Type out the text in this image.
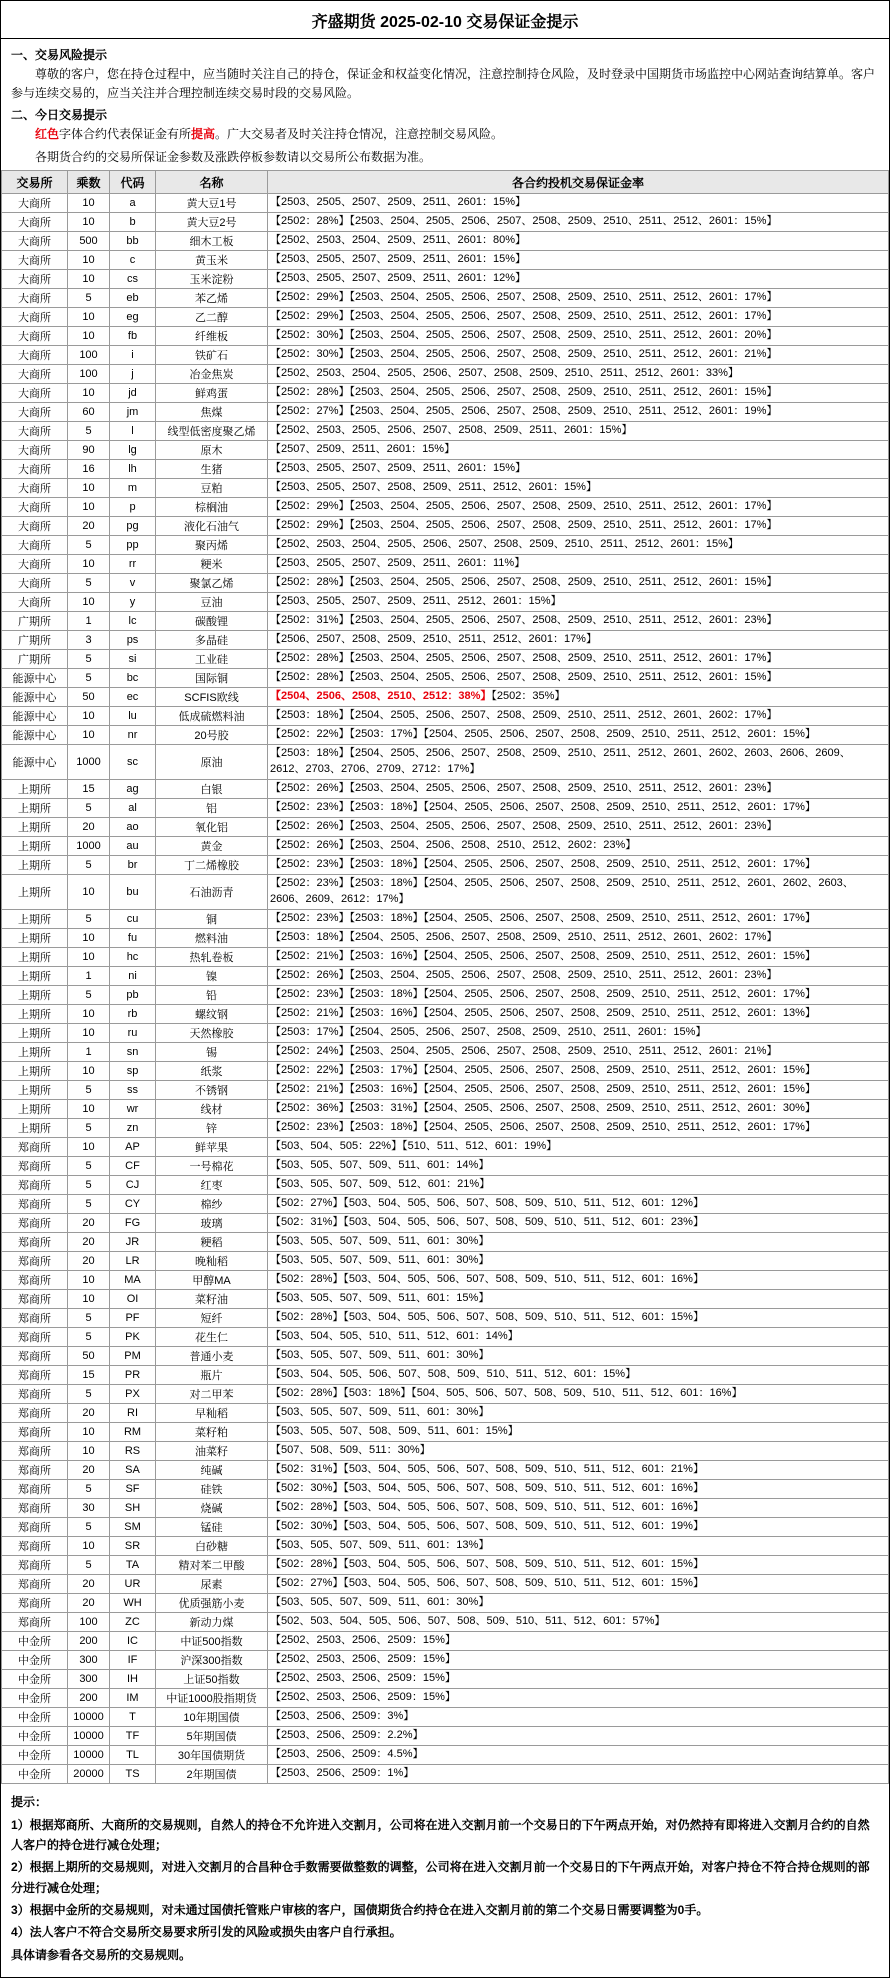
齐盛期货 2025-02-10 交易保证金提示
一、交易风险提示

尊敬的客户，您在持仓过程中，应当随时关注自己的持仓，保证金和权益变化情况，注意控制持仓风险，及时登录中国期货市场监控中心网站查询结算单。客户参与连续交易的，应当关注并合理控制连续交易时段的交易风险。

二、今日交易提示

红色字体合约代表保证金有所提高。广大交易者及时关注持仓情况，注意控制交易风险。

各期货合约的交易所保证金参数及涨跌停板参数请以交易所公布数据为准。

交易所	乘数	代码	名称	各合约投机交易保证金率
大商所	10	a	黄大豆1号	【2503、2505、2507、2509、2511、2601：15%】
大商所	10	b	黄大豆2号	【2502：28%】【2503、2504、2505、2506、2507、2508、2509、2510、2511、2512、2601：15%】
大商所	500	bb	细木工板	【2502、2503、2504、2509、2511、2601：80%】
大商所	10	c	黄玉米	【2503、2505、2507、2509、2511、2601：15%】
大商所	10	cs	玉米淀粉	【2503、2505、2507、2509、2511、2601：12%】
大商所	5	eb	苯乙烯	【2502：29%】【2503、2504、2505、2506、2507、2508、2509、2510、2511、2512、2601：17%】
大商所	10	eg	乙二醇	【2502：29%】【2503、2504、2505、2506、2507、2508、2509、2510、2511、2512、2601：17%】
大商所	10	fb	纤维板	【2502：30%】【2503、2504、2505、2506、2507、2508、2509、2510、2511、2512、2601：20%】
大商所	100	i	铁矿石	【2502：30%】【2503、2504、2505、2506、2507、2508、2509、2510、2511、2512、2601：21%】
大商所	100	j	冶金焦炭	【2502、2503、2504、2505、2506、2507、2508、2509、2510、2511、2512、2601：33%】
大商所	10	jd	鲜鸡蛋	【2502：28%】【2503、2504、2505、2506、2507、2508、2509、2510、2511、2512、2601：15%】
大商所	60	jm	焦煤	【2502：27%】【2503、2504、2505、2506、2507、2508、2509、2510、2511、2512、2601：19%】
大商所	5	l	线型低密度聚乙烯	【2502、2503、2505、2506、2507、2508、2509、2511、2601：15%】
大商所	90	lg	原木	【2507、2509、2511、2601：15%】
大商所	16	lh	生猪	【2503、2505、2507、2509、2511、2601：15%】
大商所	10	m	豆粕	【2503、2505、2507、2508、2509、2511、2512、2601：15%】
大商所	10	p	棕榈油	【2502：29%】【2503、2504、2505、2506、2507、2508、2509、2510、2511、2512、2601：17%】
大商所	20	pg	液化石油气	【2502：29%】【2503、2504、2505、2506、2507、2508、2509、2510、2511、2512、2601：17%】
大商所	5	pp	聚丙烯	【2502、2503、2504、2505、2506、2507、2508、2509、2510、2511、2512、2601：15%】
大商所	10	rr	粳米	【2503、2505、2507、2509、2511、2601：11%】
大商所	5	v	聚氯乙烯	【2502：28%】【2503、2504、2505、2506、2507、2508、2509、2510、2511、2512、2601：15%】
大商所	10	y	豆油	【2503、2505、2507、2509、2511、2512、2601：15%】
广期所	1	lc	碳酸锂	【2502：31%】【2503、2504、2505、2506、2507、2508、2509、2510、2511、2512、2601：23%】
广期所	3	ps	多晶硅	【2506、2507、2508、2509、2510、2511、2512、2601：17%】
广期所	5	si	工业硅	【2502：28%】【2503、2504、2505、2506、2507、2508、2509、2510、2511、2512、2601：17%】
能源中心	5	bc	国际铜	【2502：28%】【2503、2504、2505、2506、2507、2508、2509、2510、2511、2512、2601：15%】
能源中心	50	ec	SCFIS欧线	【2504、2506、2508、2510、2512：38%】【2502：35%】
能源中心	10	lu	低成硫燃料油	【2503：18%】【2504、2505、2506、2507、2508、2509、2510、2511、2512、2601、2602：17%】
能源中心	10	nr	20号胶	【2502：22%】【2503：17%】【2504、2505、2506、2507、2508、2509、2510、2511、2512、2601：15%】
能源中心	1000	sc	原油	【2503：18%】【2504、2505、2506、2507、2508、2509、2510、2511、2512、2601、2602、2603、2606、2609、2612、2703、2706、2709、2712：17%】
上期所	15	ag	白银	【2502：26%】【2503、2504、2505、2506、2507、2508、2509、2510、2511、2512、2601：23%】
上期所	5	al	铝	【2502：23%】【2503：18%】【2504、2505、2506、2507、2508、2509、2510、2511、2512、2601：17%】
上期所	20	ao	氧化铝	【2502：26%】【2503、2504、2505、2506、2507、2508、2509、2510、2511、2512、2601：23%】
上期所	1000	au	黄金	【2502：26%】【2503、2504、2506、2508、2510、2512、2602：23%】
上期所	5	br	丁二烯橡胶	【2502：23%】【2503：18%】【2504、2505、2506、2507、2508、2509、2510、2511、2512、2601：17%】
上期所	10	bu	石油沥青	【2502：23%】【2503：18%】【2504、2505、2506、2507、2508、2509、2510、2511、2512、2601、2602、2603、2606、2609、2612：17%】
上期所	5	cu	铜	【2502：23%】【2503：18%】【2504、2505、2506、2507、2508、2509、2510、2511、2512、2601：17%】
上期所	10	fu	燃料油	【2503：18%】【2504、2505、2506、2507、2508、2509、2510、2511、2512、2601、2602：17%】
上期所	10	hc	热轧卷板	【2502：21%】【2503：16%】【2504、2505、2506、2507、2508、2509、2510、2511、2512、2601：15%】
上期所	1	ni	镍	【2502：26%】【2503、2504、2505、2506、2507、2508、2509、2510、2511、2512、2601：23%】
上期所	5	pb	铅	【2502：23%】【2503：18%】【2504、2505、2506、2507、2508、2509、2510、2511、2512、2601：17%】
上期所	10	rb	螺纹钢	【2502：21%】【2503：16%】【2504、2505、2506、2507、2508、2509、2510、2511、2512、2601：13%】
上期所	10	ru	天然橡胶	【2503：17%】【2504、2505、2506、2507、2508、2509、2510、2511、2601：15%】
上期所	1	sn	锡	【2502：24%】【2503、2504、2505、2506、2507、2508、2509、2510、2511、2512、2601：21%】
上期所	10	sp	纸浆	【2502：22%】【2503：17%】【2504、2505、2506、2507、2508、2509、2510、2511、2512、2601：15%】
上期所	5	ss	不锈钢	【2502：21%】【2503：16%】【2504、2505、2506、2507、2508、2509、2510、2511、2512、2601：15%】
上期所	10	wr	线材	【2502：36%】【2503：31%】【2504、2505、2506、2507、2508、2509、2510、2511、2512、2601：30%】
上期所	5	zn	锌	【2502：23%】【2503：18%】【2504、2505、2506、2507、2508、2509、2510、2511、2512、2601：17%】
郑商所	10	AP	鲜苹果	【503、504、505：22%】【510、511、512、601：19%】
郑商所	5	CF	一号棉花	【503、505、507、509、511、601：14%】
郑商所	5	CJ	红枣	【503、505、507、509、512、601：21%】
郑商所	5	CY	棉纱	【502：27%】【503、504、505、506、507、508、509、510、511、512、601：12%】
郑商所	20	FG	玻璃	【502：31%】【503、504、505、506、507、508、509、510、511、512、601：23%】
郑商所	20	JR	粳稻	【503、505、507、509、511、601：30%】
郑商所	20	LR	晚籼稻	【503、505、507、509、511、601：30%】
郑商所	10	MA	甲醇MA	【502：28%】【503、504、505、506、507、508、509、510、511、512、601：16%】
郑商所	10	OI	菜籽油	【503、505、507、509、511、601：15%】
郑商所	5	PF	短纤	【502：28%】【503、504、505、506、507、508、509、510、511、512、601：15%】
郑商所	5	PK	花生仁	【503、504、505、510、511、512、601：14%】
郑商所	50	PM	普通小麦	【503、505、507、509、511、601：30%】
郑商所	15	PR	瓶片	【503、504、505、506、507、508、509、510、511、512、601：15%】
郑商所	5	PX	对二甲苯	【502：28%】【503：18%】【504、505、506、507、508、509、510、511、512、601：16%】
郑商所	20	RI	早籼稻	【503、505、507、509、511、601：30%】
郑商所	10	RM	菜籽粕	【503、505、507、508、509、511、601：15%】
郑商所	10	RS	油菜籽	【507、508、509、511：30%】
郑商所	20	SA	纯碱	【502：31%】【503、504、505、506、507、508、509、510、511、512、601：21%】
郑商所	5	SF	硅铁	【502：30%】【503、504、505、506、507、508、509、510、511、512、601：16%】
郑商所	30	SH	烧碱	【502：28%】【503、504、505、506、507、508、509、510、511、512、601：16%】
郑商所	5	SM	锰硅	【502：30%】【503、504、505、506、507、508、509、510、511、512、601：19%】
郑商所	10	SR	白砂糖	【503、505、507、509、511、601：13%】
郑商所	5	TA	精对苯二甲酸	【502：28%】【503、504、505、506、507、508、509、510、511、512、601：15%】
郑商所	20	UR	尿素	【502：27%】【503、504、505、506、507、508、509、510、511、512、601：15%】
郑商所	20	WH	优质强筋小麦	【503、505、507、509、511、601：30%】
郑商所	100	ZC	新动力煤	【502、503、504、505、506、507、508、509、510、511、512、601：57%】
中金所	200	IC	中证500指数	【2502、2503、2506、2509：15%】
中金所	300	IF	沪深300指数	【2502、2503、2506、2509：15%】
中金所	300	IH	上证50指数	【2502、2503、2506、2509：15%】
中金所	200	IM	中证1000股指期货	【2502、2503、2506、2509：15%】
中金所	10000	T	10年期国债	【2503、2506、2509：3%】
中金所	10000	TF	5年期国债	【2503、2506、2509：2.2%】
中金所	10000	TL	30年国债期货	【2503、2506、2509：4.5%】
中金所	20000	TS	2年期国债	【2503、2506、2509：1%】

提示：

1）根据郑商所、大商所的交易规则，自然人的持仓不允许进入交割月，公司将在进入交割月前一个交易日的下午两点开始，对仍然持有即将进入交割月合约的自然人客户的持仓进行减仓处理；

2）根据上期所的交易规则，对进入交割月的合昌种仓手数需要做整数的调整，公司将在进入交割月前一个交易日的下午两点开始，对客户持仓不符合持仓规则的部分进行减仓处理；

3）根据中金所的交易规则，对未通过国债托管账户审核的客户，国债期货合约持仓在进入交割月前的第二个交易日需要调整为0手。

4）法人客户不符合交易所交易要求所引发的风险或损失由客户自行承担。

具体请参看各交易所的交易规则。
